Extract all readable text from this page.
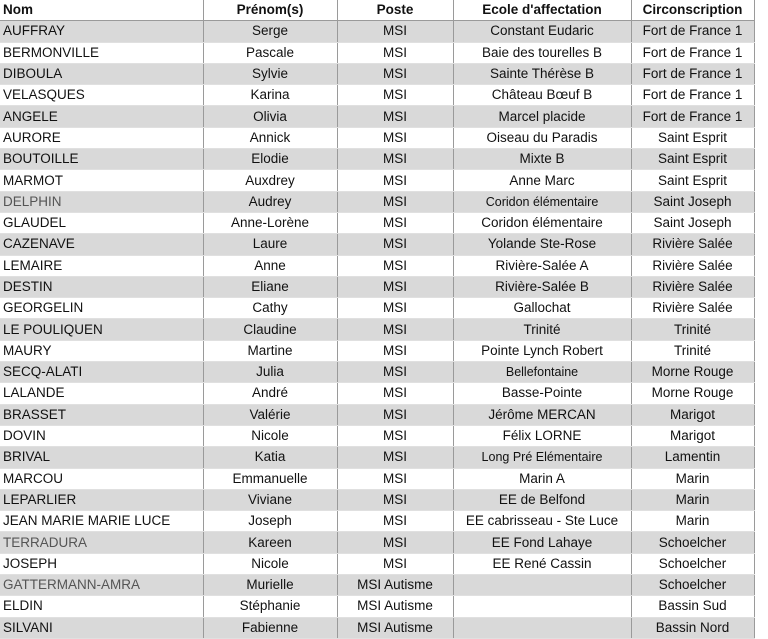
Nom	Prénom(s)	Poste	Ecole d'affectation	Circonscription
AUFFRAY	Serge	MSI	Constant Eudaric	Fort de France 1
BERMONVILLE	Pascale	MSI	Baie des tourelles B	Fort de France 1
DIBOULA	Sylvie	MSI	Sainte Thérèse B	Fort de France 1
VELASQUES	Karina	MSI	Château Bœuf B	Fort de France 1
ANGELE	Olivia	MSI	Marcel placide	Fort de France 1
AURORE	Annick	MSI	Oiseau du Paradis	Saint Esprit
BOUTOILLE	Elodie	MSI	Mixte B	Saint Esprit
MARMOT	Auxdrey	MSI	Anne Marc	Saint Esprit
DELPHIN	Audrey	MSI	Coridon élémentaire	Saint Joseph
GLAUDEL	Anne-Lorène	MSI	Coridon élémentaire	Saint Joseph
CAZENAVE	Laure	MSI	Yolande Ste-Rose	Rivière Salée
LEMAIRE	Anne	MSI	Rivière-Salée A	Rivière Salée
DESTIN	Eliane	MSI	Rivière-Salée B	Rivière Salée
GEORGELIN	Cathy	MSI	Gallochat	Rivière Salée
LE POULIQUEN	Claudine	MSI	Trinité	Trinité
MAURY	Martine	MSI	Pointe Lynch Robert	Trinité
SECQ-ALATI	Julia	MSI	Bellefontaine	Morne Rouge
LALANDE	André	MSI	Basse-Pointe	Morne Rouge
BRASSET	Valérie	MSI	Jérôme MERCAN	Marigot
DOVIN	Nicole	MSI	Félix LORNE	Marigot
BRIVAL	Katia	MSI	Long Pré Elémentaire	Lamentin
MARCOU	Emmanuelle	MSI	Marin A	Marin
LEPARLIER	Viviane	MSI	EE de Belfond	Marin
JEAN MARIE MARIE LUCE	Joseph	MSI	EE cabrisseau - Ste Luce	Marin
TERRADURA	Kareen	MSI	EE Fond Lahaye	Schoelcher
JOSEPH	Nicole	MSI	EE René Cassin	Schoelcher
GATTERMANN-AMRA	Murielle	MSI Autisme		Schoelcher
ELDIN	Stéphanie	MSI Autisme		Bassin Sud
SILVANI	Fabienne	MSI Autisme		Bassin Nord
